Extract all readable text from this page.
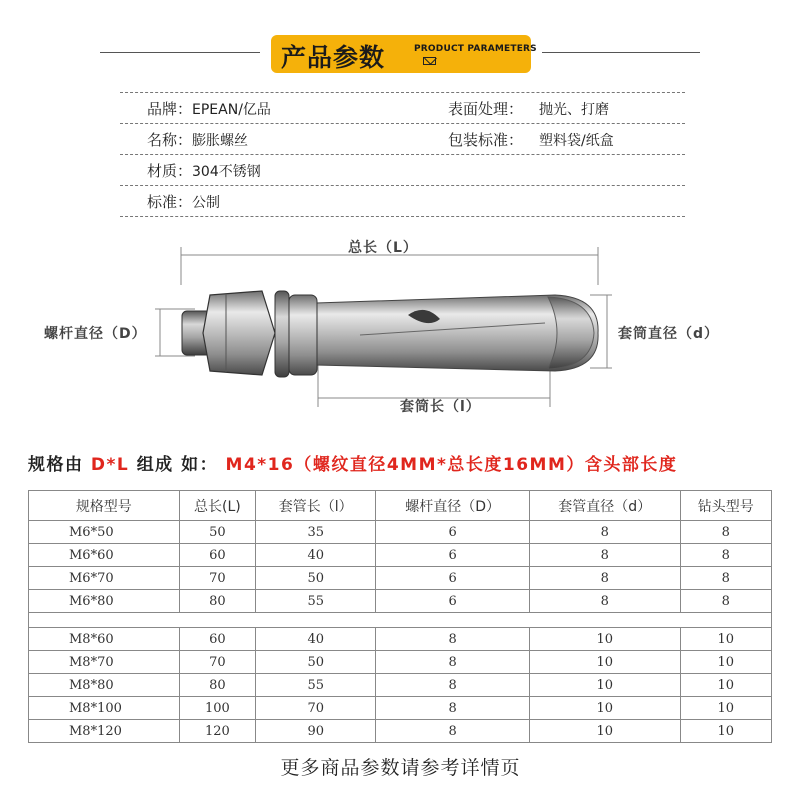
产品参数	PRODUCT PARAMETERS
品牌：EPEAN/亿品	表面处理： 抛光、打磨
名称：膨胀螺丝	包装标准： 塑料袋/纸盒
材质：304不锈钢
标准：公制
总长（L）
螺杆直径（D）	套筒直径（d）
套筒长（l）
规格由 D*L 组成 如： M4*16（螺纹直径4MM*总长度16MM）含头部长度
规格型号	总长(L)	套管长（l）	螺杆直径（D）	套管直径（d）	钻头型号
M6*50	50	35	6	8	8
M6*60	60	40	6	8	8
M6*70	70	50	6	8	8
M6*80	80	55	6	8	8

M8*60	60	40	8	10	10
M8*70	70	50	8	10	10
M8*80	80	55	8	10	10
M8*100	100	70	8	10	10
M8*120	120	90	8	10	10
更多商品参数请参考详情页
